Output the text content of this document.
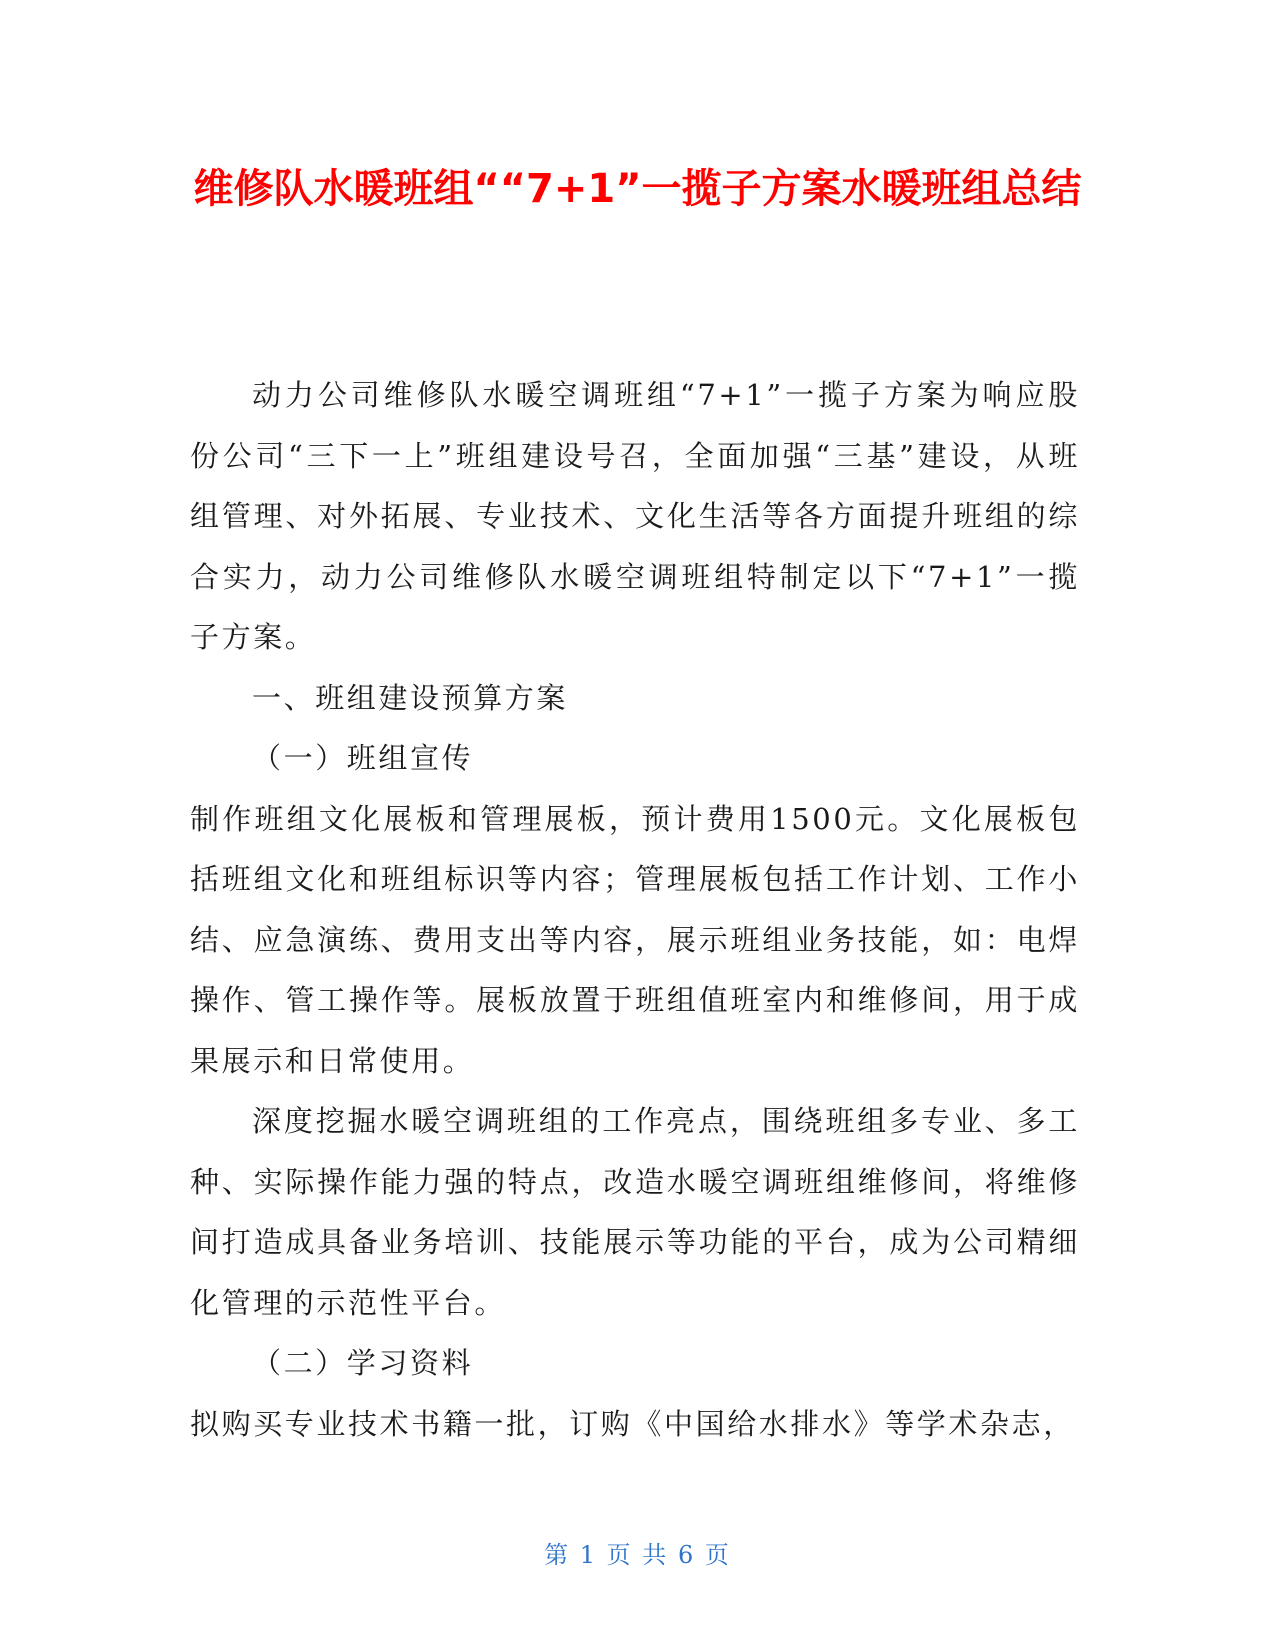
维修队水暖班组““7+1”一揽子方案水暖班组总结

动力公司维修队水暖空调班组“7+1”一揽子方案为响应股份公司“三下一上”班组建设号召，全面加强“三基”建设，从班组管理、对外拓展、专业技术、文化生活等各方面提升班组的综合实力，动力公司维修队水暖空调班组特制定以下“7+1”一揽子方案。

一、班组建设预算方案

（一）班组宣传

制作班组文化展板和管理展板，预计费用1500元。文化展板包括班组文化和班组标识等内容；管理展板包括工作计划、工作小结、应急演练、费用支出等内容，展示班组业务技能，如：电焊操作、管工操作等。展板放置于班组值班室内和维修间，用于成果展示和日常使用。

深度挖掘水暖空调班组的工作亮点，围绕班组多专业、多工种、实际操作能力强的特点，改造水暖空调班组维修间，将维修间打造成具备业务培训、技能展示等功能的平台，成为公司精细化管理的示范性平台。

（二）学习资料

拟购买专业技术书籍一批，订购《中国给水排水》等学术杂志，

第 1 页 共 6 页
